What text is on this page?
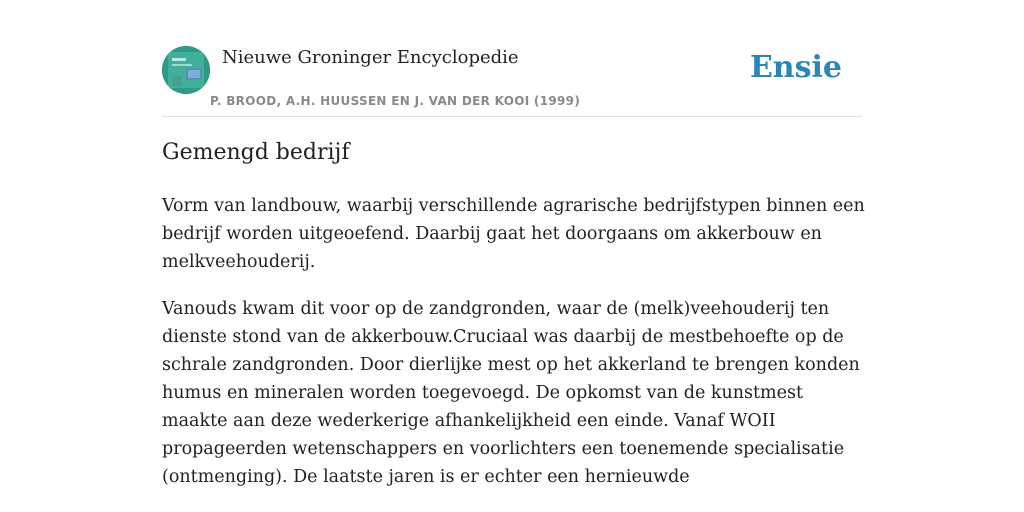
Nieuwe Groninger Encyclopedie
P. BROOD, A.H. HUUSSEN EN J. VAN DER KOOI (1999)
Ensie
Gemengd bedrijf

Vorm van landbouw, waarbij verschillende agrarische bedrijfstypen binnen een bedrijf worden uitgeoefend. Daarbij gaat het doorgaans om akkerbouw en melkveehouderij.

Vanouds kwam dit voor op de zandgronden, waar de (melk)veehouderij ten dienste stond van de akkerbouw.Cruciaal was daarbij de mestbehoefte op de schrale zandgronden. Door dierlijke mest op het akkerland te brengen konden humus en mineralen worden toegevoegd. De opkomst van de kunstmest maakte aan deze wederkerige afhankelijkheid een einde. Vanaf WOII propageerden wetenschappers en voorlichters een toenemende specialisatie (ontmenging). De laatste jaren is er echter een hernieuwde
